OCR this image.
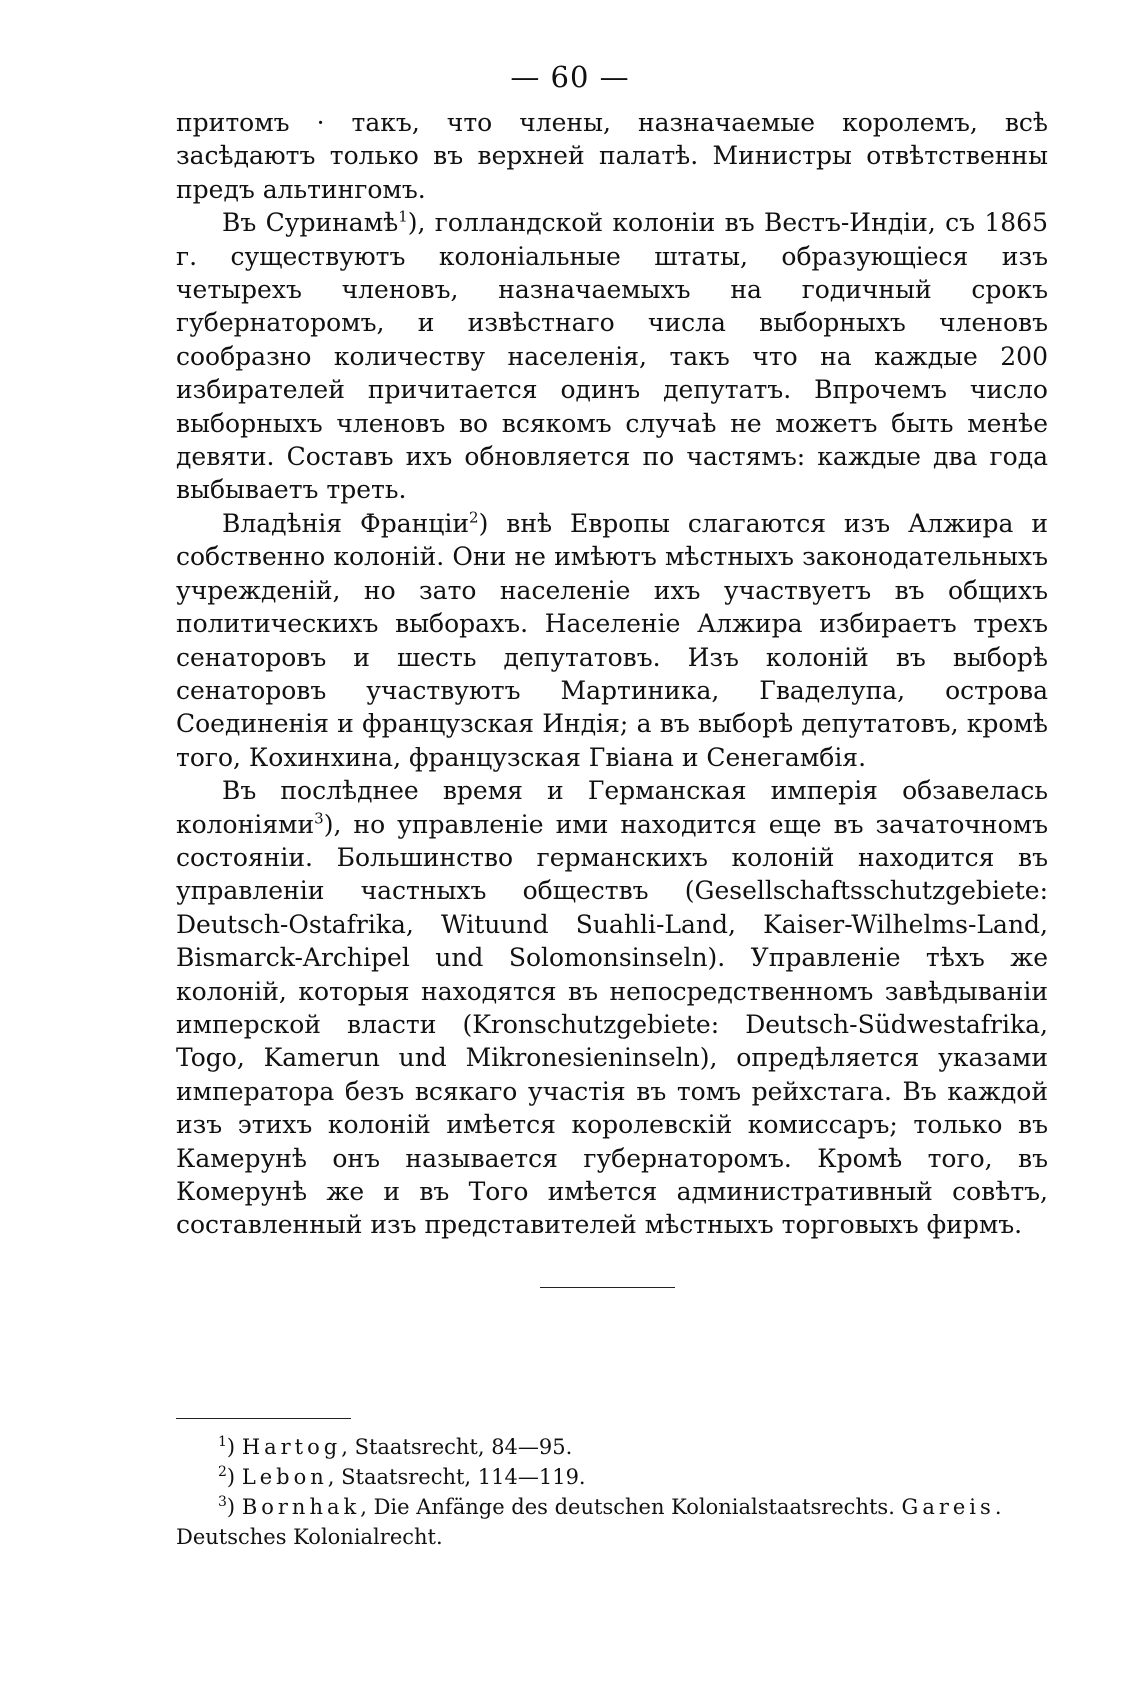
— 60 —

притомъ · такъ, что члены, назначаемые королемъ, всѣ засѣдаютъ только въ верхней палатѣ. Министры отвѣтственны предъ альтингомъ.

Въ Суринамѣ$^1$), голландской колонiи въ Вестъ-Индiи, съ 1865 г. существуютъ колонiальные штаты, образующiеся изъ четырехъ членовъ, назначаемыхъ на годичный срокъ губернаторомъ, и извѣстнаго числа выборныхъ членовъ сообразно количеству населенiя, такъ что на каждые 200 избирателей причитается одинъ депутатъ. Впрочемъ число выборныхъ членовъ во всякомъ случаѣ не можетъ быть менѣе девяти. Составъ ихъ обновляется по частямъ: каждые два года выбываетъ треть.

Владѣнiя Францiи$^2$) внѣ Европы слагаются изъ Алжира и собственно колонiй. Они не имѣютъ мѣстныхъ законодательныхъ учрежденiй, но зато населенiе ихъ участвуетъ въ общихъ политическихъ выборахъ. Населенiе Алжира избираетъ трехъ сенаторовъ и шесть депутатовъ. Изъ колонiй въ выборѣ сенаторовъ участвуютъ Мартиника, Гваделупа, острова Соединенiя и французская Индiя; а въ выборѣ депутатовъ, кромѣ того, Кохинхина, французская Гвiана и Сенегамбiя.

Въ послѣднее время и Германская имперiя обзавелась колонiями$^3$), но управленiе ими находится еще въ зачаточномъ состоянiи. Большинство германскихъ колонiй находится въ управленiи частныхъ обществъ (Gesellschaftsschutzgebiete: Deutsch-Ostafrika, Wituund Suahli-Land, Kaiser-Wilhelms-Land, Bismarck-Archipel und Solomonsinseln). Управленiе тѣхъ же колонiй, которыя находятся въ непосредственномъ завѣдываніи имперской власти (Kronschutzgebiete: Deutsch-Südwestafrika, Togo, Kamerun und Mikronesieninseln), опредѣляется указами императора безъ всякаго участiя въ томъ рейхстага. Въ каждой изъ этихъ колонiй имѣется королевскiй комиссаръ; только въ Камерунѣ онъ называется губернаторомъ. Кромѣ того, въ Комерунѣ же и въ Того имѣется административный совѣтъ, составленный изъ представителей мѣстныхъ торговыхъ фирмъ.

$^1$) Hartog, Staatsrecht, 84—95.

$^2$) Lebon, Staatsrecht, 114—119.

$^3$) Bornhak, Die Anfänge des deutschen Kolonialstaatsrechts. Gareis. Deutsches Kolonialrecht.
